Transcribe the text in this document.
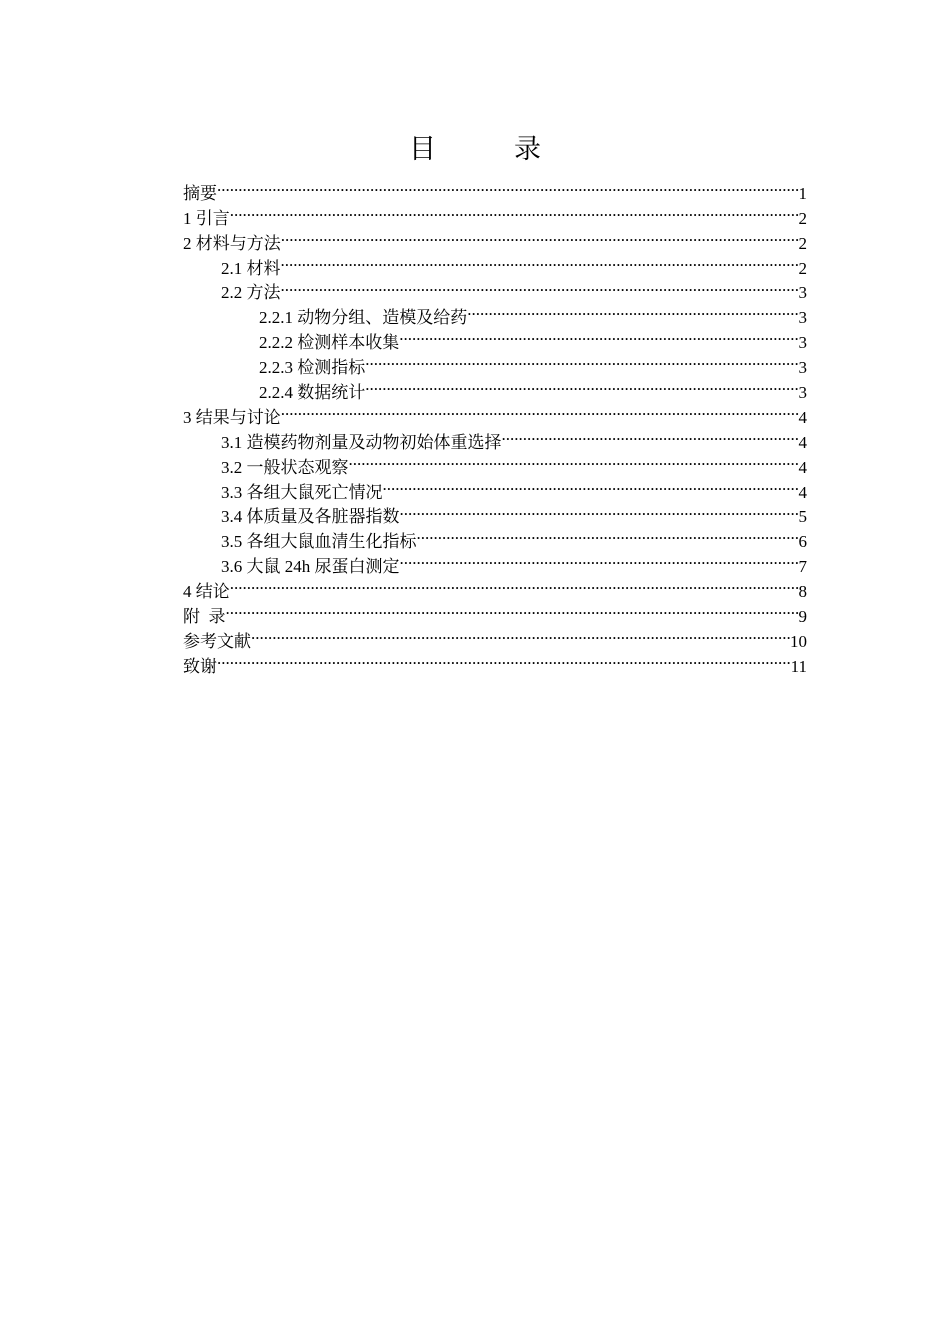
目	录
摘要 .....	1
1 引言 .....	2
2 材料与方法 .....	2
2.1 材料 .....	2
2.2 方法 .....	3
2.2.1 动物分组、造模及给药 .....	3
2.2.2 检测样本收集 .....	3
2.2.3 检测指标 .....	3
2.2.4 数据统计 .....	3
3 结果与讨论 .....	4
3.1 造模药物剂量及动物初始体重选择 .....	4
3.2 一般状态观察 .....	4
3.3 各组大鼠死亡情况 .....	4
3.4 体质量及各脏器指数 .....	5
3.5 各组大鼠血清生化指标 .....	6
3.6 大鼠 24h 尿蛋白测定 .....	7
4 结论 .....	8
附  录 .....	9
参考文献 .....	10
致谢 .....	11
